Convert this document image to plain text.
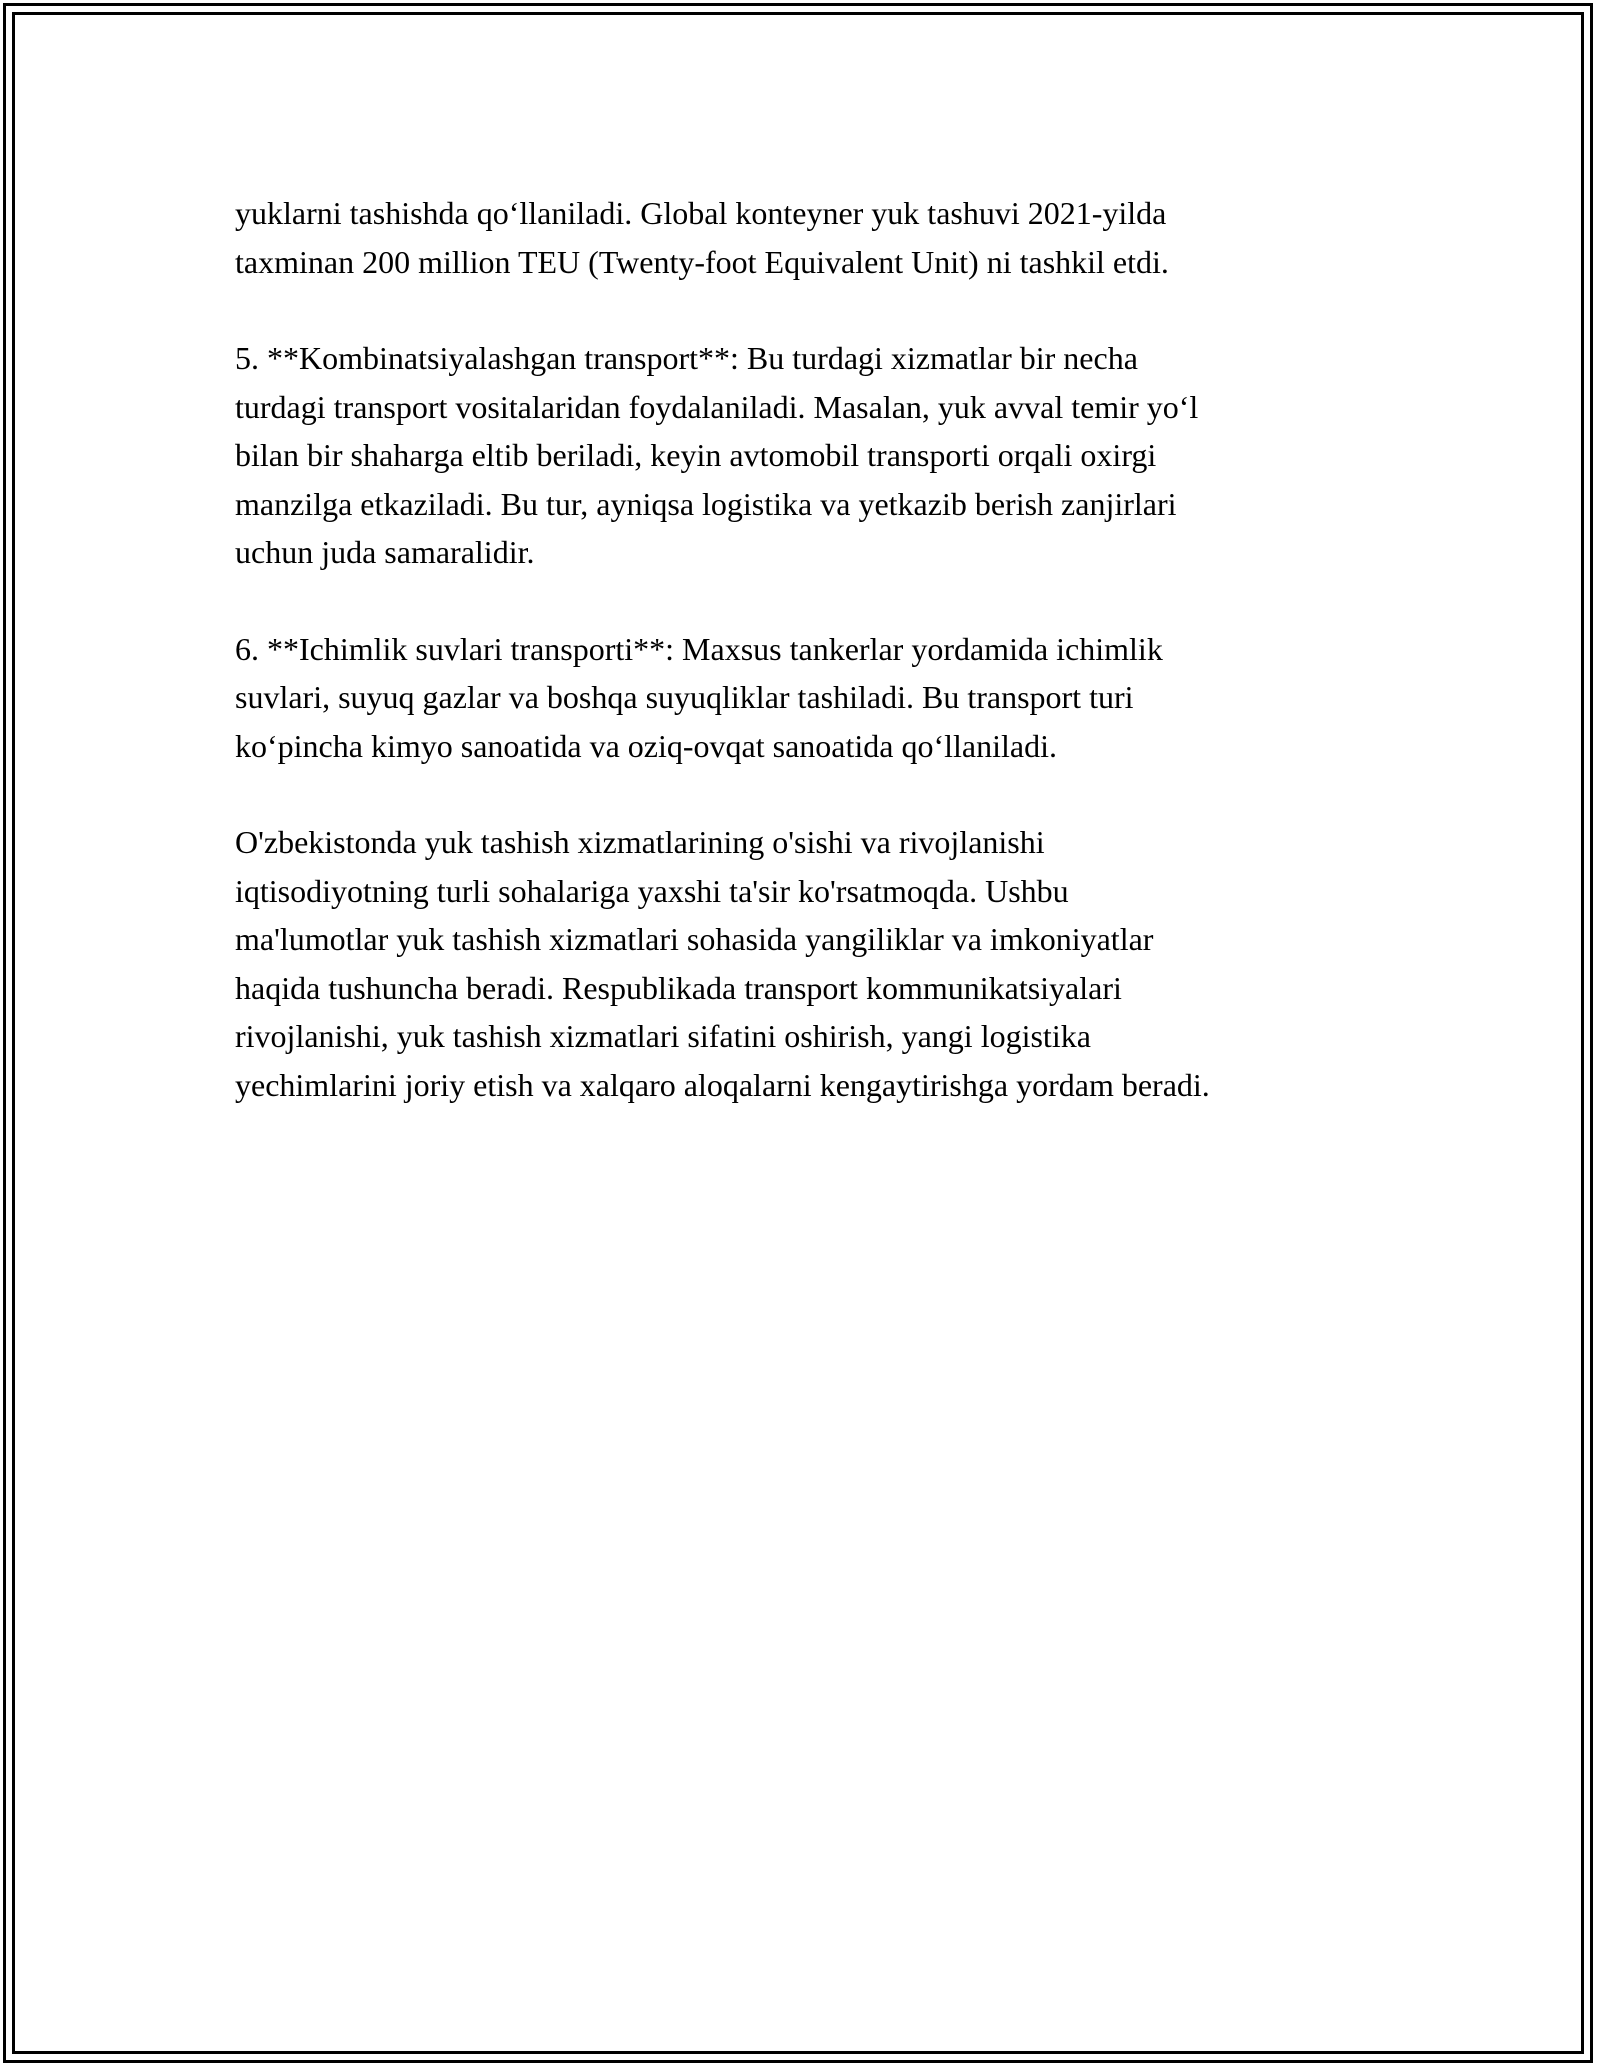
yuklarni tashishda qo‘llaniladi. Global konteyner yuk tashuvi 2021-yilda
taxminan 200 million TEU (Twenty-foot Equivalent Unit) ni tashkil etdi.

5. **Kombinatsiyalashgan transport**: Bu turdagi xizmatlar bir necha
turdagi transport vositalaridan foydalaniladi. Masalan, yuk avval temir yo‘l
bilan bir shaharga eltib beriladi, keyin avtomobil transporti orqali oxirgi
manzilga etkaziladi. Bu tur, ayniqsa logistika va yetkazib berish zanjirlari
uchun juda samaralidir.

6. **Ichimlik suvlari transporti**: Maxsus tankerlar yordamida ichimlik
suvlari, suyuq gazlar va boshqa suyuqliklar tashiladi. Bu transport turi
ko‘pincha kimyo sanoatida va oziq-ovqat sanoatida qo‘llaniladi.

O'zbekistonda yuk tashish xizmatlarining o'sishi va rivojlanishi
iqtisodiyotning turli sohalariga yaxshi ta'sir ko'rsatmoqda. Ushbu
ma'lumotlar yuk tashish xizmatlari sohasida yangiliklar va imkoniyatlar
haqida tushuncha beradi. Respublikada transport kommunikatsiyalari
rivojlanishi, yuk tashish xizmatlari sifatini oshirish, yangi logistika
yechimlarini joriy etish va xalqaro aloqalarni kengaytirishga yordam beradi.
